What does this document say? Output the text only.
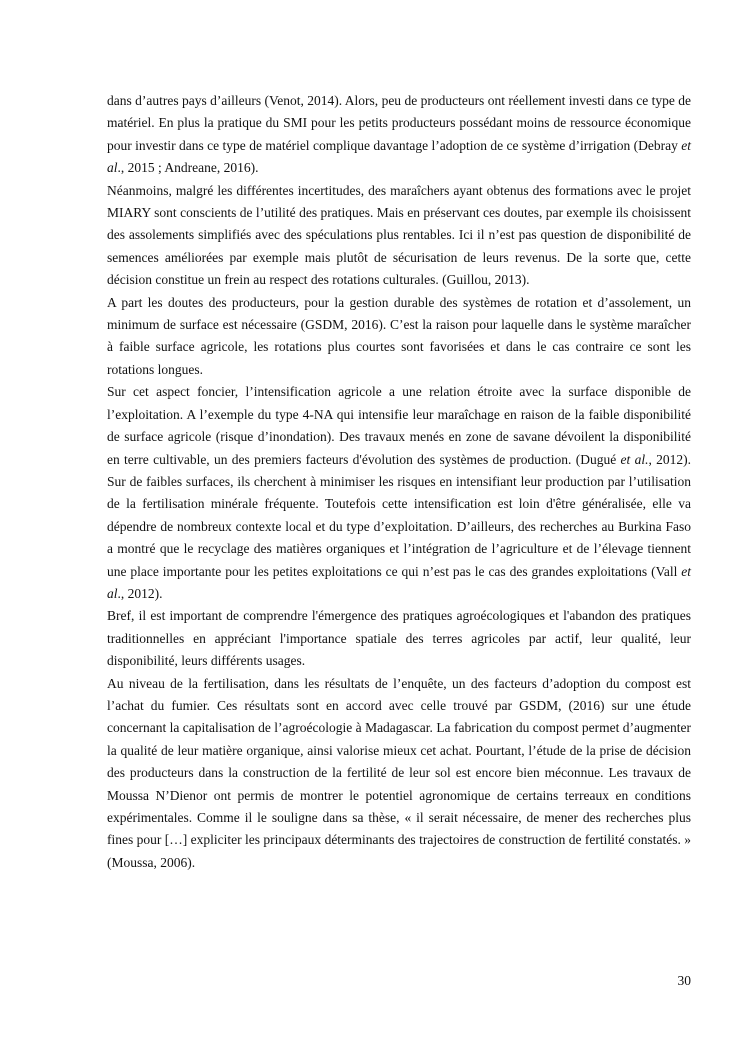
dans d’autres pays d’ailleurs (Venot, 2014). Alors, peu de producteurs ont réellement investi dans ce type de matériel. En plus la pratique du SMI pour les petits producteurs possédant moins de ressource économique pour investir dans ce type de matériel complique davantage l’adoption de ce système d’irrigation (Debray et al., 2015 ; Andreane, 2016).

Néanmoins, malgré les différentes incertitudes, des maraîchers ayant obtenus des formations avec le projet MIARY sont conscients de l’utilité des pratiques. Mais en préservant ces doutes, par exemple ils choisissent des assolements simplifiés avec des spéculations plus rentables. Ici il n’est pas question de disponibilité de semences améliorées par exemple mais plutôt de sécurisation de leurs revenus. De la sorte que, cette décision constitue un frein au respect des rotations culturales. (Guillou, 2013).

A part les doutes des producteurs, pour la gestion durable des systèmes de rotation et d’assolement, un minimum de surface est nécessaire (GSDM, 2016). C’est la raison pour laquelle dans le système maraîcher à faible surface agricole, les rotations plus courtes sont favorisées et dans le cas contraire ce sont les rotations longues.

Sur cet aspect foncier, l’intensification agricole a une relation étroite avec la surface disponible de l’exploitation. A l’exemple du type 4-NA qui intensifie leur maraîchage en raison de la faible disponibilité de surface agricole (risque d’inondation). Des travaux menés en zone de savane dévoilent la disponibilité en terre cultivable, un des premiers facteurs d'évolution des systèmes de production. (Dugué et al., 2012). Sur de faibles surfaces, ils cherchent à minimiser les risques en intensifiant leur production par l’utilisation de la fertilisation minérale fréquente. Toutefois cette intensification est loin d'être généralisée, elle va dépendre de nombreux contexte local et du type d’exploitation. D’ailleurs, des recherches au Burkina Faso a montré que le recyclage des matières organiques et l’intégration de l’agriculture et de l’élevage tiennent une place importante pour les petites exploitations ce qui n’est pas le cas des grandes exploitations (Vall et al., 2012).

Bref, il est important de comprendre l'émergence des pratiques agroécologiques et l'abandon des pratiques traditionnelles en appréciant l'importance spatiale des terres agricoles par actif, leur qualité, leur disponibilité, leurs différents usages.

Au niveau de la fertilisation, dans les résultats de l’enquête, un des facteurs d’adoption du compost est l’achat du fumier. Ces résultats sont en accord avec celle trouvé par GSDM, (2016) sur une étude concernant la capitalisation de l’agroécologie à Madagascar. La fabrication du compost permet d’augmenter la qualité de leur matière organique, ainsi valorise mieux cet achat. Pourtant, l’étude de la prise de décision des producteurs dans la construction de la fertilité de leur sol est encore bien méconnue. Les travaux de Moussa N’Dienor ont permis de montrer le potentiel agronomique de certains terreaux en conditions expérimentales. Comme il le souligne dans sa thèse, « il serait nécessaire, de mener des recherches plus fines pour […] expliciter les principaux déterminants des trajectoires de construction de fertilité constatés. » (Moussa, 2006).

30
